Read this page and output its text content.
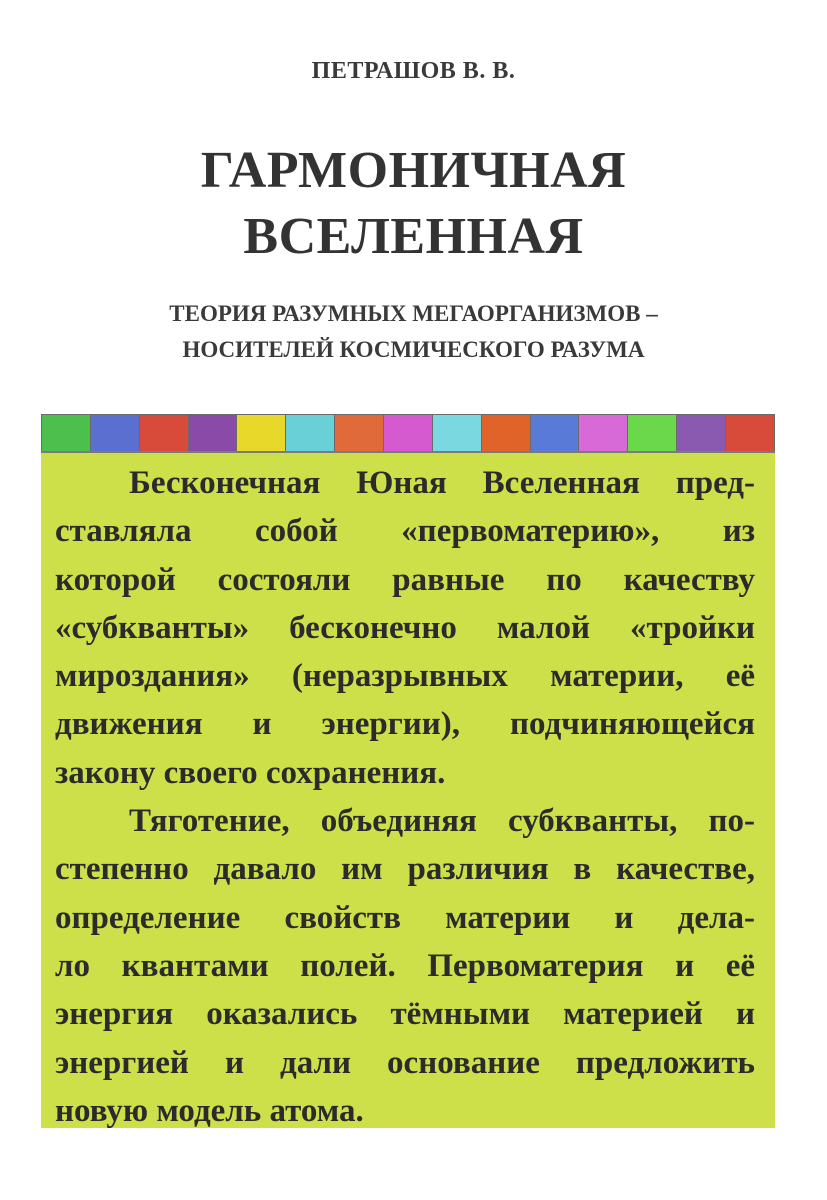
ПЕТРАШОВ В. В.
ГАРМОНИЧНАЯ
ВСЕЛЕННАЯ
ТЕОРИЯ РАЗУМНЫХ МЕГАОРГАНИЗМОВ –
НОСИТЕЛЕЙ КОСМИЧЕСКОГО РАЗУМА
Бесконечная Юная Вселенная пред-
ставляла собой «первоматерию», из
которой состояли равные по качеству
«субкванты» бесконечно малой «тройки
мироздания» (неразрывных материи, её
движения и энергии), подчиняющейся
закону своего сохранения.
Тяготение, объединяя субкванты, по-
степенно давало им различия в качестве,
определение свойств материи и дела-
ло квантами полей. Первоматерия и её
энергия оказались тёмными материей и
энергией и дали основание предложить
новую модель атома.
